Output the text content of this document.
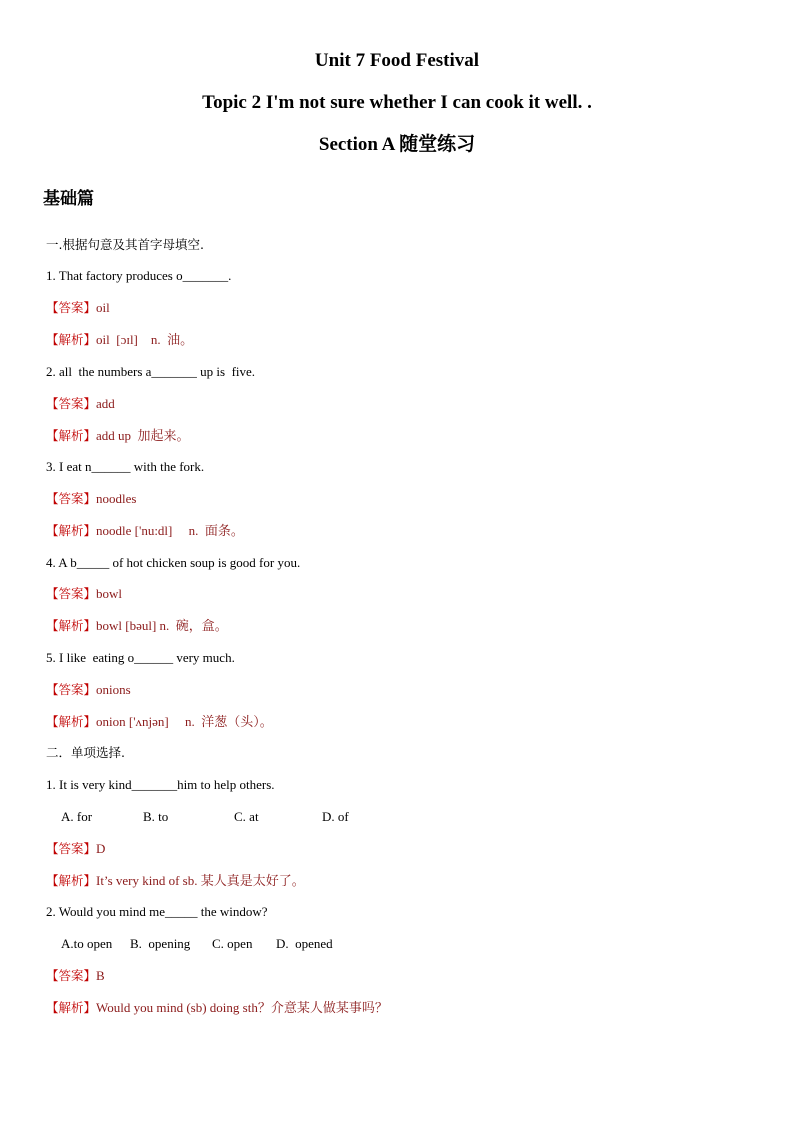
Unit 7 Food Festival
Topic 2 I'm not sure whether I can cook it well. .
Section A 随堂练习
基础篇
一.根据句意及其首字母填空.
1. That factory produces o_______.
【答案】oil
【解析】oil  [ɔɪl]    n.  油。
2. all  the numbers a_______ up is  five.
【答案】add
【解析】add up  加起来。
3. I eat n______ with the fork.
【答案】noodles
【解析】noodle ['nu:dl]     n.  面条。
4. A b_____ of hot chicken soup is good for you.
【答案】bowl
【解析】bowl [bəul] n.  碗，盒。
5. I like  eating o______ very much.
【答案】onions
【解析】onion ['ʌnjən]     n.  洋葱（头）。
二．单项选择.
1. It is very kind_______him to help others.
A. for	B. to	C. at	D. of
【答案】D
【解析】It’s very kind of sb. 某人真是太好了。
2. Would you mind me_____ the window?
A.to open B.  opening C. open D.  opened
【答案】B
【解析】Would you mind (sb) doing sth？介意某人做某事吗？
